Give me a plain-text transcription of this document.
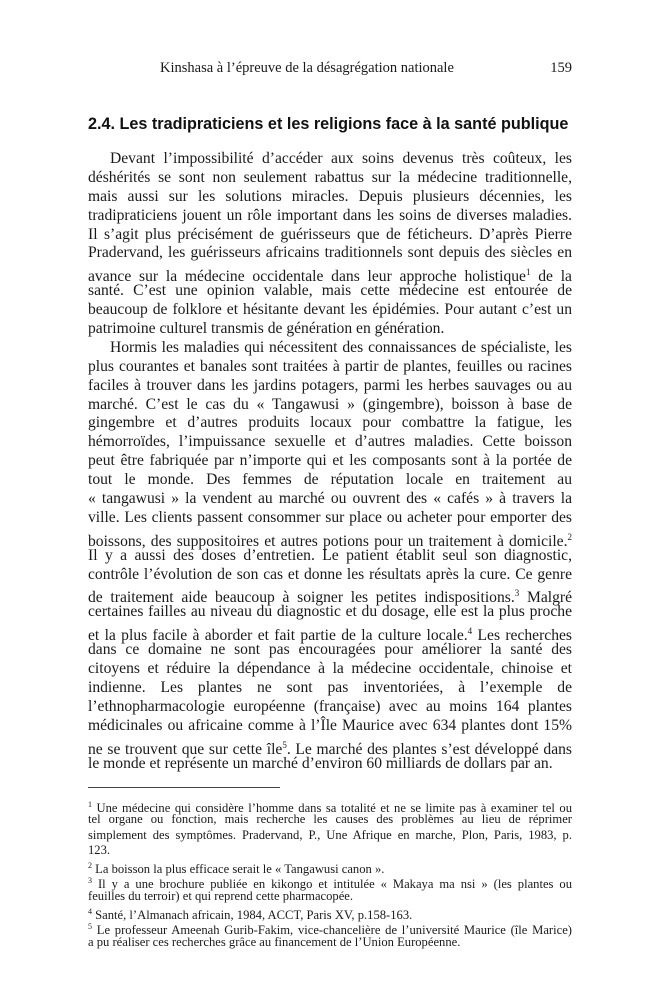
Kinshasa à l’épreuve de la désagrégation nationale	159
2.4. Les tradipraticiens et les religions face à la santé publique
Devant l’impossibilité d’accéder aux soins devenus très coûteux, les
déshérités se sont non seulement rabattus sur la médecine traditionnelle,
mais aussi sur les solutions miracles. Depuis plusieurs décennies, les
tradipraticiens jouent un rôle important dans les soins de diverses maladies.
Il s’agit plus précisément de guérisseurs que de féticheurs. D’après Pierre
Pradervand, les guérisseurs africains traditionnels sont depuis des siècles en
avance sur la médecine occidentale dans leur approche holistique$^1$ de la
santé. C’est une opinion valable, mais cette médecine est entourée de
beaucoup de folklore et hésitante devant les épidémies. Pour autant c’est un
patrimoine culturel transmis de génération en génération.
Hormis les maladies qui nécessitent des connaissances de spécialiste, les
plus courantes et banales sont traitées à partir de plantes, feuilles ou racines
faciles à trouver dans les jardins potagers, parmi les herbes sauvages ou au
marché. C’est le cas du « Tangawusi » (gingembre), boisson à base de
gingembre et d’autres produits locaux pour combattre la fatigue, les
hémorroïdes, l’impuissance sexuelle et d’autres maladies. Cette boisson
peut être fabriquée par n’importe qui et les composants sont à la portée de
tout le monde. Des femmes de réputation locale en traitement au
« tangawusi » la vendent au marché ou ouvrent des « cafés » à travers la
ville. Les clients passent consommer sur place ou acheter pour emporter des
boissons, des suppositoires et autres potions pour un traitement à domicile.$^2$
Il y a aussi des doses d’entretien. Le patient établit seul son diagnostic,
contrôle l’évolution de son cas et donne les résultats après la cure. Ce genre
de traitement aide beaucoup à soigner les petites indispositions.$^3$ Malgré
certaines failles au niveau du diagnostic et du dosage, elle est la plus proche
et la plus facile à aborder et fait partie de la culture locale.$^4$ Les recherches
dans ce domaine ne sont pas encouragées pour améliorer la santé des
citoyens et réduire la dépendance à la médecine occidentale, chinoise et
indienne. Les plantes ne sont pas inventoriées, à l’exemple de
l’ethnopharmacologie européenne (française) avec au moins 164 plantes
médicinales ou africaine comme à l’Île Maurice avec 634 plantes dont 15%
ne se trouvent que sur cette île$^5$. Le marché des plantes s’est développé dans
le monde et représente un marché d’environ 60 milliards de dollars par an.
$^1$ Une médecine qui considère l’homme dans sa totalité et ne se limite pas à examiner tel ou
tel organe ou fonction, mais recherche les causes des problèmes au lieu de réprimer
simplement des symptômes. Pradervand, P., Une Afrique en marche, Plon, Paris, 1983, p.
123.
$^2$ La boisson la plus efficace serait le « Tangawusi canon ».
$^3$ Il y a une brochure publiée en kikongo et intitulée « Makaya ma nsi » (les plantes ou
feuilles du terroir) et qui reprend cette pharmacopée.
$^4$ Santé, l’Almanach africain, 1984, ACCT, Paris XV, p.158-163.
$^5$ Le professeur Ameenah Gurib-Fakim, vice-chancelière de l’université Maurice (île Marice)
a pu réaliser ces recherches grâce au financement de l’Union Européenne.
